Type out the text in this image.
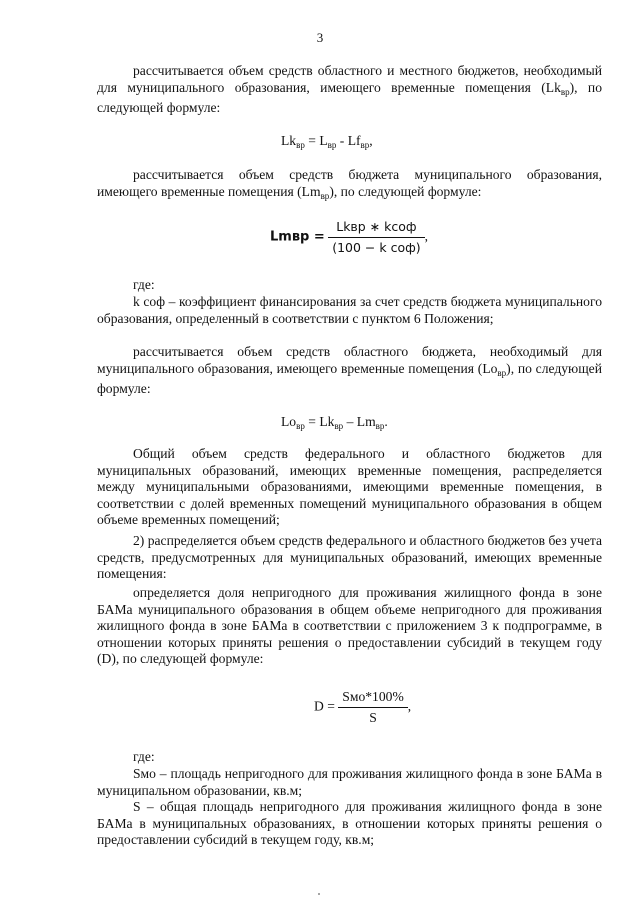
3

рассчитывается объем средств областного и местного бюджетов, необходимый для муниципального образования, имеющего временные помещения $(Lk_{вр})$, по следующей формуле:

$Lk_{вр} = L_{вр} - Lf_{вр}$,

рассчитывается объем средств бюджета муниципального образования, имеющего временные помещения $(Lm_{вр})$, по следующей формуле:

Lmвр = $\frac{\text{Lkвр ∗ kсоф}}{\text{(100 − k соф)}}$ ,

где:

k соф – коэффициент финансирования за счет средств бюджета муниципального образования, определенный в соответствии с пунктом 6 Положения;

рассчитывается объем средств областного бюджета, необходимый для муниципального образования, имеющего временные помещения $(Lo_{вр})$, по следующей формуле:

$Lo_{вр} = Lk_{вр} - Lm_{вр}$.

Общий объем средств федерального и областного бюджетов для муниципальных образований, имеющих временные помещения, распределяется между муниципальными образованиями, имеющими временные помещения, в соответствии с долей временных помещений муниципального образования в общем объеме временных помещений;

2) распределяется объем средств федерального и областного бюджетов без учета средств, предусмотренных для муниципальных образований, имеющих временные помещения:

определяется доля непригодного для проживания жилищного фонда в зоне БАМа муниципального образования в общем объеме непригодного для проживания жилищного фонда в зоне БАМа в соответствии с приложением 3 к подпрограмме, в отношении которых приняты решения о предоставлении субсидий в текущем году (D), по следующей формуле:

$D = \frac{\text{Sмо*100\%}}{S}$ ,

где:

Sмо – площадь непригодного для проживания жилищного фонда в зоне БАМа в муниципальном образовании, кв.м;

S – общая площадь непригодного для проживания жилищного фонда в зоне БАМа в муниципальных образованиях, в отношении которых приняты решения о предоставлении субсидий в текущем году, кв.м;
